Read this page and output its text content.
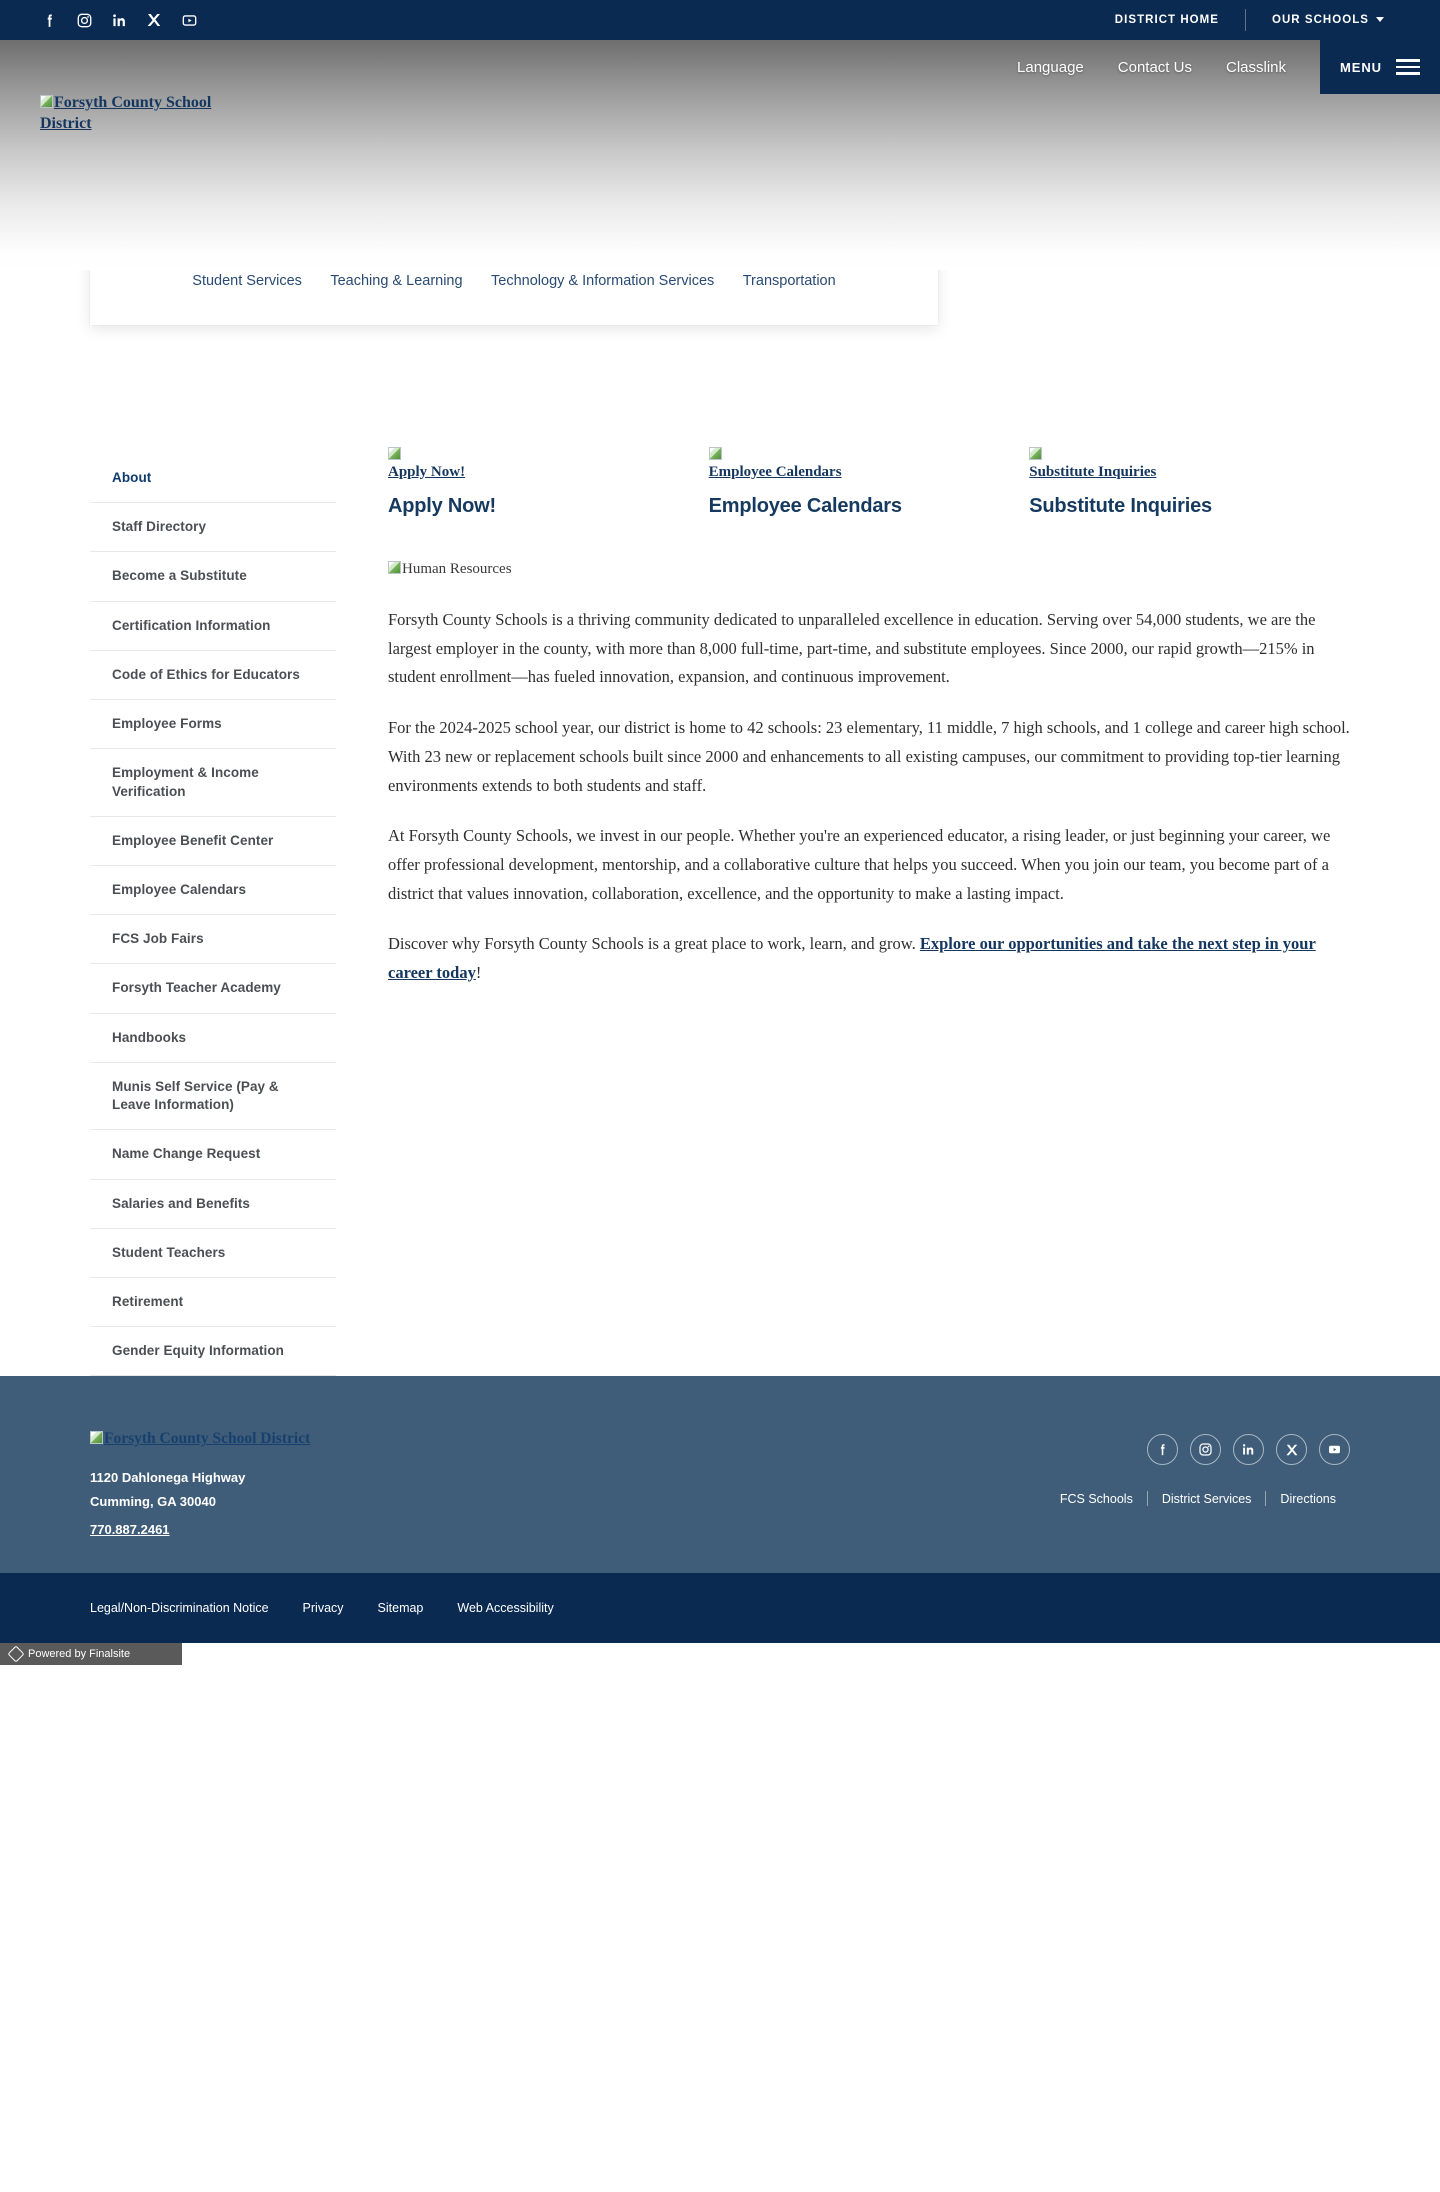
DISTRICT HOME	OUR SCHOOLS
Language Contact Us Classlink	MENU
Forsyth County School District
Student Services Teaching & Learning Technology & Information Services Transportation
About
Staff Directory
Become a Substitute
Certification Information
Code of Ethics for Educators
Employee Forms
Employment & Income Verification
Employee Benefit Center
Employee Calendars
FCS Job Fairs
Forsyth Teacher Academy
Handbooks
Munis Self Service (Pay & Leave Information)
Name Change Request
Salaries and Benefits
Student Teachers
Retirement
Gender Equity Information
Apply Now!
Apply Now!
Employee Calendars
Employee Calendars
Substitute Inquiries
Substitute Inquiries
Human Resources

Forsyth County Schools is a thriving community dedicated to unparalleled excellence in education. Serving over 54,000 students, we are the largest employer in the county, with more than 8,000 full-time, part-time, and substitute employees. Since 2000, our rapid growth—215% in student enrollment—has fueled innovation, expansion, and continuous improvement.

For the 2024-2025 school year, our district is home to 42 schools: 23 elementary, 11 middle, 7 high schools, and 1 college and career high school. With 23 new or replacement schools built since 2000 and enhancements to all existing campuses, our commitment to providing top-tier learning environments extends to both students and staff.

At Forsyth County Schools, we invest in our people. Whether you're an experienced educator, a rising leader, or just beginning your career, we offer professional development, mentorship, and a collaborative culture that helps you succeed. When you join our team, you become part of a district that values innovation, collaboration, excellence, and the opportunity to make a lasting impact.

Discover why Forsyth County Schools is a great place to work, learn, and grow. Explore our opportunities and take the next step in your career today!

Forsyth County School District
1120 Dahlonega Highway
Cumming, GA 30040
770.887.2461
FCS Schools	District Services	Directions
Legal/Non-Discrimination Notice	Privacy	Sitemap	Web Accessibility
Powered by Finalsite
